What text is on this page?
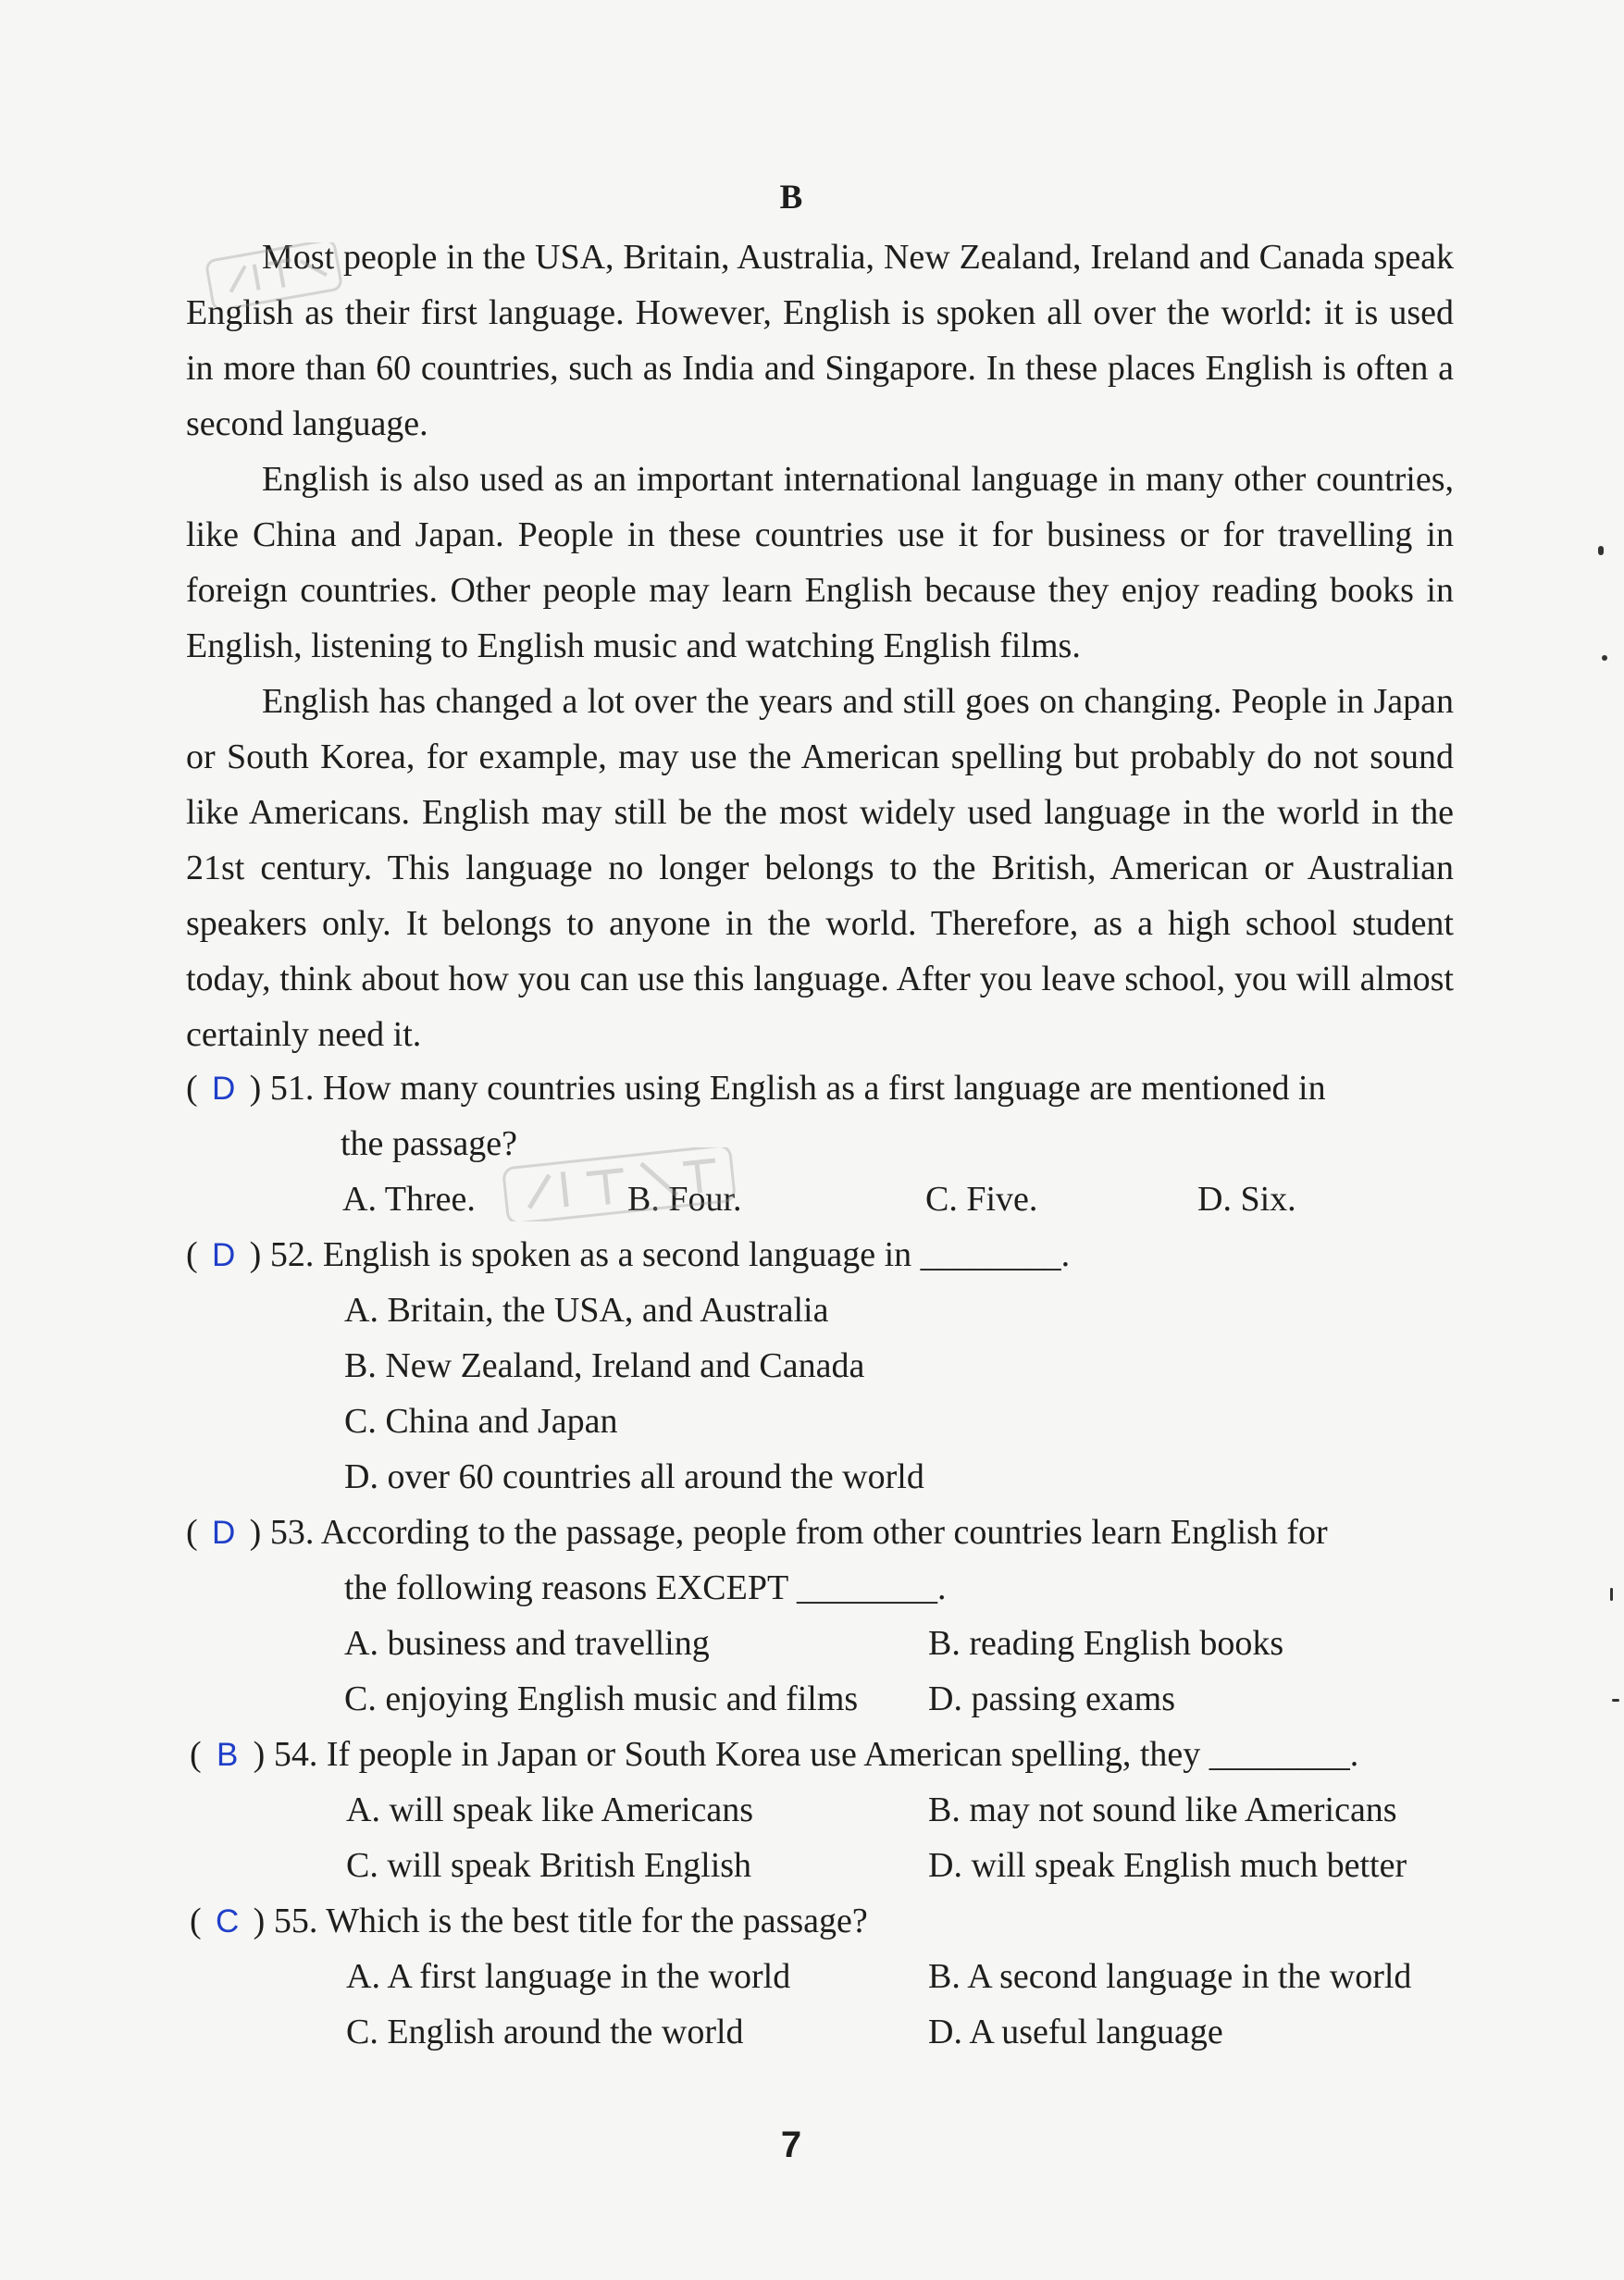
B

Most people in the USA, Britain, Australia, New Zealand, Ireland and Canada speak English as their first language. However, English is spoken all over the world: it is used in more than 60 countries, such as India and Singapore. In these places English is often a second language.

English is also used as an important international language in many other countries, like China and Japan. People in these countries use it for business or for travelling in foreign countries. Other people may learn English because they enjoy reading books in English, listening to English music and watching English films.

English has changed a lot over the years and still goes on changing. People in Japan or South Korea, for example, may use the American spelling but probably do not sound like Americans. English may still be the most widely used language in the world in the 21st century. This language no longer belongs to the British, American or Australian speakers only. It belongs to anyone in the world. Therefore, as a high school student today, think about how you can use this language. After you leave school, you will almost certainly need it.

( D ) 51. How many countries using English as a first language are mentioned in
the passage?
A. Three.	B. Four.	C. Five.	D. Six.
( D ) 52. English is spoken as a second language in ________.
A. Britain, the USA, and Australia
B. New Zealand, Ireland and Canada
C. China and Japan
D. over 60 countries all around the world
( D ) 53. According to the passage, people from other countries learn English for
the following reasons EXCEPT ________.
A. business and travelling	B. reading English books
C. enjoying English music and films D. passing exams
( B ) 54. If people in Japan or South Korea use American spelling, they ________.
A. will speak like Americans	B. may not sound like Americans
C. will speak British English	D. will speak English much better
( C ) 55. Which is the best title for the passage?
A. A first language in the world	B. A second language in the world
C. English around the world	D. A useful language
7
